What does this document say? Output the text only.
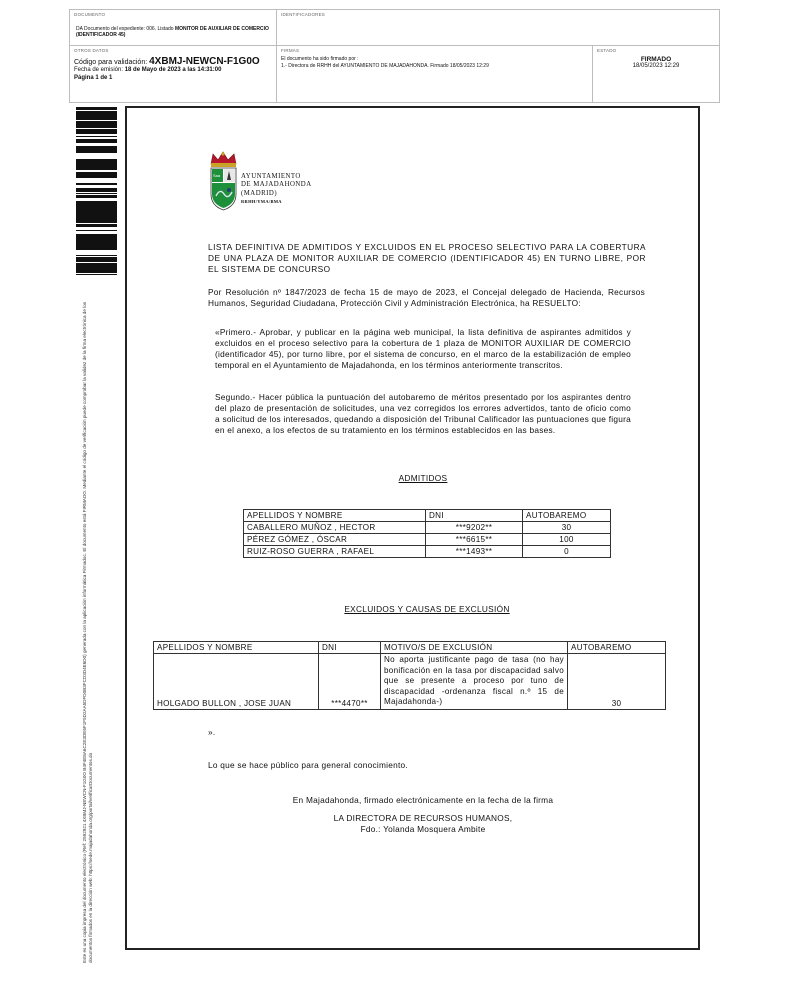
DOCUMENTO
DA Documento del expediente: 006. Listado MONITOR DE AUXILIAR DE COMERCIO (IDENTIFICADOR 45)
IDENTIFICADORES
OTROS DATOS
Código para validación: 4XBMJ-NEWCN-F1G0O
Fecha de emisión: 18 de Mayo de 2023 a las 14:31:00
Página 1 de 1
FIRMAS
El documento ha sido firmado por :
1.- Directora de RRHH del AYUNTAMIENTO DE MAJADAHONDA. Firmado 18/05/2023 12:29
ESTADO
FIRMADO
18/05/2023 12:29
Este es una copia impresa del documento electrónico (Ref: 2592921 4XBMJ-NEWCN-F1G0O B4F4E8A6C2E3DE6F1F5D2AA5DFD0B3FCD3D4E6D0) generada con la aplicación informática Firmadoc. El documento está FIRMADO. Mediante el código de verificación puede comprobar la validez de la firma electrónica de los documentos firmados en la dirección web: https://sede.majadahonda.org/portal/verificarDocumentos.do
Saa	AYUNTAMIENTO
DE MAJADAHONDA
(MADRID)
RRHH/YMA/BMA
LISTA DEFINITIVA DE ADMITIDOS Y EXCLUIDOS EN EL PROCESO SELECTIVO PARA LA COBERTURA DE UNA PLAZA DE MONITOR AUXILIAR DE COMERCIO (IDENTIFICADOR 45) EN TURNO LIBRE, POR EL SISTEMA DE CONCURSO
Por Resolución nº 1847/2023 de fecha 15 de mayo de 2023, el Concejal delegado de Hacienda, Recursos Humanos, Seguridad Ciudadana, Protección Civil y Administración Electrónica, ha RESUELTO:
«Primero.- Aprobar, y publicar en la página web municipal, la lista definitiva de aspirantes admitidos y excluidos en el proceso selectivo para la cobertura de 1 plaza de MONITOR AUXILIAR DE COMERCIO (identificador 45), por turno libre, por el sistema de concurso, en el marco de la estabilización de empleo temporal en el Ayuntamiento de Majadahonda, en los términos anteriormente transcritos.
Segundo.- Hacer pública la puntuación del autobaremo de méritos presentado por los aspirantes dentro del plazo de presentación de solicitudes, una vez corregidos los errores advertidos, tanto de oficio como a solicitud de los interesados, quedando a disposición del Tribunal Calificador las puntuaciones que figura en el anexo, a los efectos de su tratamiento en los términos establecidos en las bases.
ADMITIDOS
APELLIDOS Y NOMBRE	DNI	AUTOBAREMO
CABALLERO MUÑOZ , HECTOR	***9202**	30
PÉREZ GÓMEZ , ÓSCAR	***6615**	100
RUIZ-ROSO GUERRA , RAFAEL	***1493**	0
EXCLUIDOS Y CAUSAS DE EXCLUSIÓN
APELLIDOS Y NOMBRE	DNI	MOTIVO/S DE EXCLUSIÓN	AUTOBAREMO
HOLGADO BULLON , JOSE JUAN	***4470**	No aporta justificante pago de tasa (no hay bonificación en la tasa por discapacidad salvo que se presente a proceso por tuno de discapacidad -ordenanza fiscal n.º 15 de Majadahonda-)	30
».
Lo que se hace público para general conocimiento.
En Majadahonda, firmado electrónicamente en la fecha de la firma
LA DIRECTORA DE RECURSOS HUMANOS,
Fdo.: Yolanda Mosquera Ambite
